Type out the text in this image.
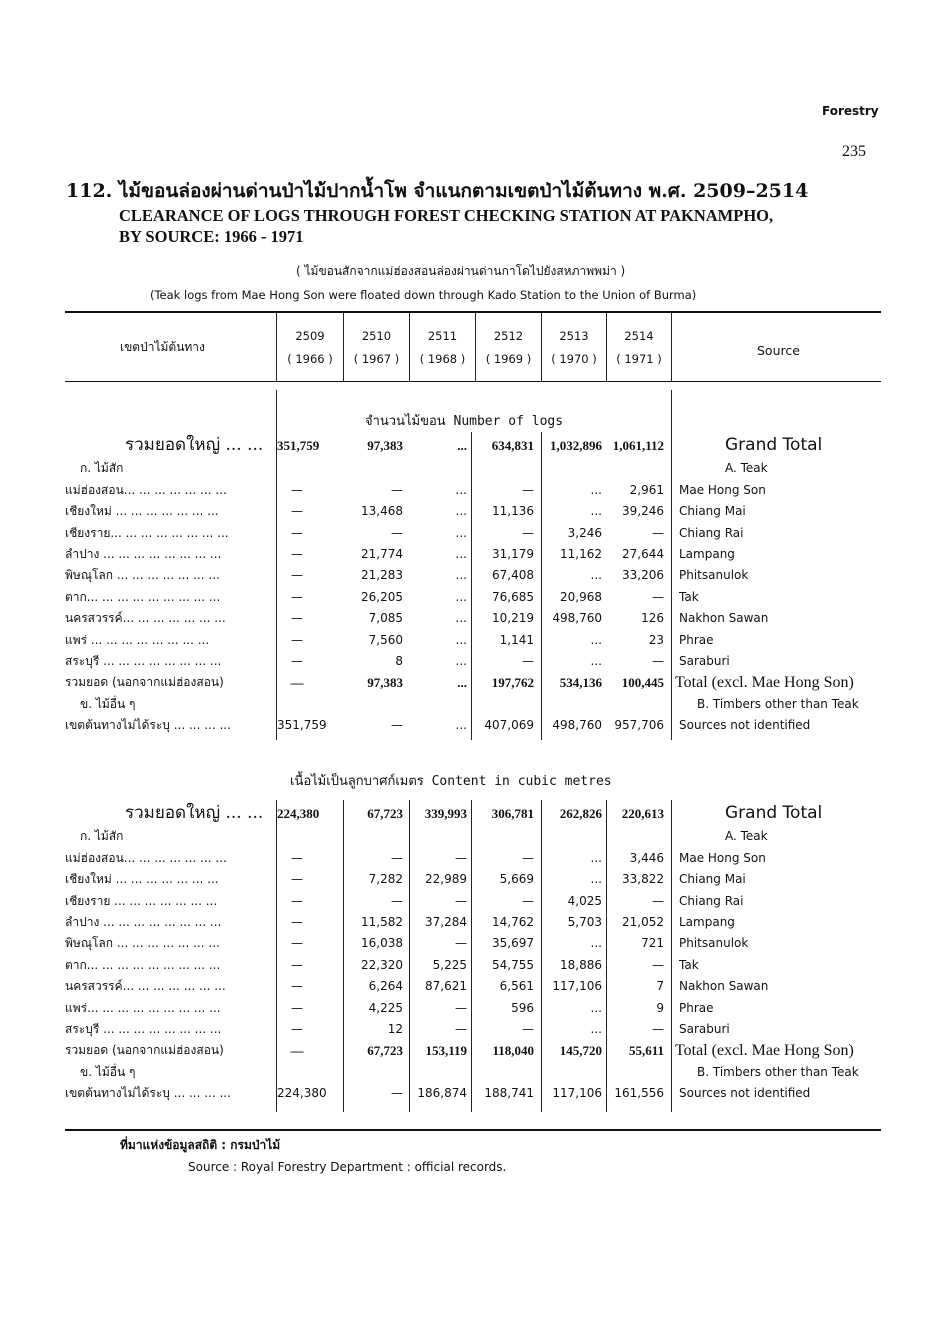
Forestry
235
112. ไม้ขอนล่องผ่านด่านป่าไม้ปากน้ำโพ จำแนกตามเขตป่าไม้ต้นทาง พ.ศ. 2509–2514
CLEARANCE OF LOGS THROUGH FOREST CHECKING STATION AT PAKNAMPHO,
BY SOURCE: 1966 - 1971
( ไม้ขอนสักจากแม่ฮ่องสอนล่องผ่านด่านกาโดไปยังสหภาพพม่า )
(Teak logs from Mae Hong Son were floated down through Kado Station to the Union of Burma)
เขตป่าไม้ต้นทาง
2509
( 1966 )
2510
( 1967 )
2511
( 1968 )
2512
( 1969 )
2513
( 1970 )
2514
( 1971 )
Source
จำนวนไม้ขอน Number of logs
เนื้อไม้เป็นลูกบาศก์เมตร Content in cubic metres
รวมยอดใหญ่ ... ...	351,759	97,383	...	634,831	1,032,896 1,061,112	Grand Total
ก. ไม้สัก	A. Teak
แม่ฮ่องสอน... ... ... ... ... ... ...	—	—	...	—	...	2,961 Mae Hong Son
เชียงใหม่ ... ... ... ... ... ... ...	—	13,468	...	11,136	...	39,246 Chiang Mai
เชียงราย... ... ... ... ... ... ... ...	—	—	...	—	3,246	— Chiang Rai
ลำปาง ... ... ... ... ... ... ... ...	—	21,774	...	31,179	11,162	27,644 Lampang
พิษณุโลก ... ... ... ... ... ... ...	—	21,283	...	67,408	...	33,206 Phitsanulok
ตาก... ... ... ... ... ... ... ... ...	—	26,205	...	76,685	20,968	— Tak
นครสวรรค์... ... ... ... ... ... ...	—	7,085	...	10,219	498,760	126 Nakhon Sawan
แพร่ ... ... ... ... ... ... ... ...	—	7,560	...	1,141	...	23 Phrae
สระบุรี ... ... ... ... ... ... ... ...	—	8	...	—	...	— Saraburi
รวมยอด (นอกจากแม่ฮ่องสอน)	—	97,383	...	197,762	534,136	100,445 Total (excl. Mae Hong Son)
ข. ไม้อื่น ๆ	B. Timbers other than Teak
เขตต้นทางไม่ได้ระบุ ... ... ... ...	351,759	—	...	407,069	498,760	957,706 Sources not identified
รวมยอดใหญ่ ... ...	224,380	67,723	339,993	306,781	262,826	220,613	Grand Total
ก. ไม้สัก	A. Teak
แม่ฮ่องสอน... ... ... ... ... ... ...	—	—	—	—	...	3,446 Mae Hong Son
เชียงใหม่ ... ... ... ... ... ... ...	—	7,282	22,989	5,669	...	33,822 Chiang Mai
เชียงราย ... ... ... ... ... ... ...	—	—	—	—	4,025	— Chiang Rai
ลำปาง ... ... ... ... ... ... ... ...	—	11,582	37,284	14,762	5,703	21,052 Lampang
พิษณุโลก ... ... ... ... ... ... ...	—	16,038	—	35,697	...	721 Phitsanulok
ตาก... ... ... ... ... ... ... ... ...	—	22,320	5,225	54,755	18,886	— Tak
นครสวรรค์... ... ... ... ... ... ...	—	6,264	87,621	6,561	117,106	7 Nakhon Sawan
แพร่... ... ... ... ... ... ... ... ...	—	4,225	—	596	...	9 Phrae
สระบุรี ... ... ... ... ... ... ... ...	—	12	—	—	...	— Saraburi
รวมยอด (นอกจากแม่ฮ่องสอน)	—	67,723	153,119	118,040	145,720	55,611 Total (excl. Mae Hong Son)
ข. ไม้อื่น ๆ	B. Timbers other than Teak
เขตต้นทางไม่ได้ระบุ ... ... ... ...	224,380	—	186,874	188,741	117,106	161,556 Sources not identified
ที่มาแห่งข้อมูลสถิติ : กรมป่าไม้
Source : Royal Forestry Department : official records.
